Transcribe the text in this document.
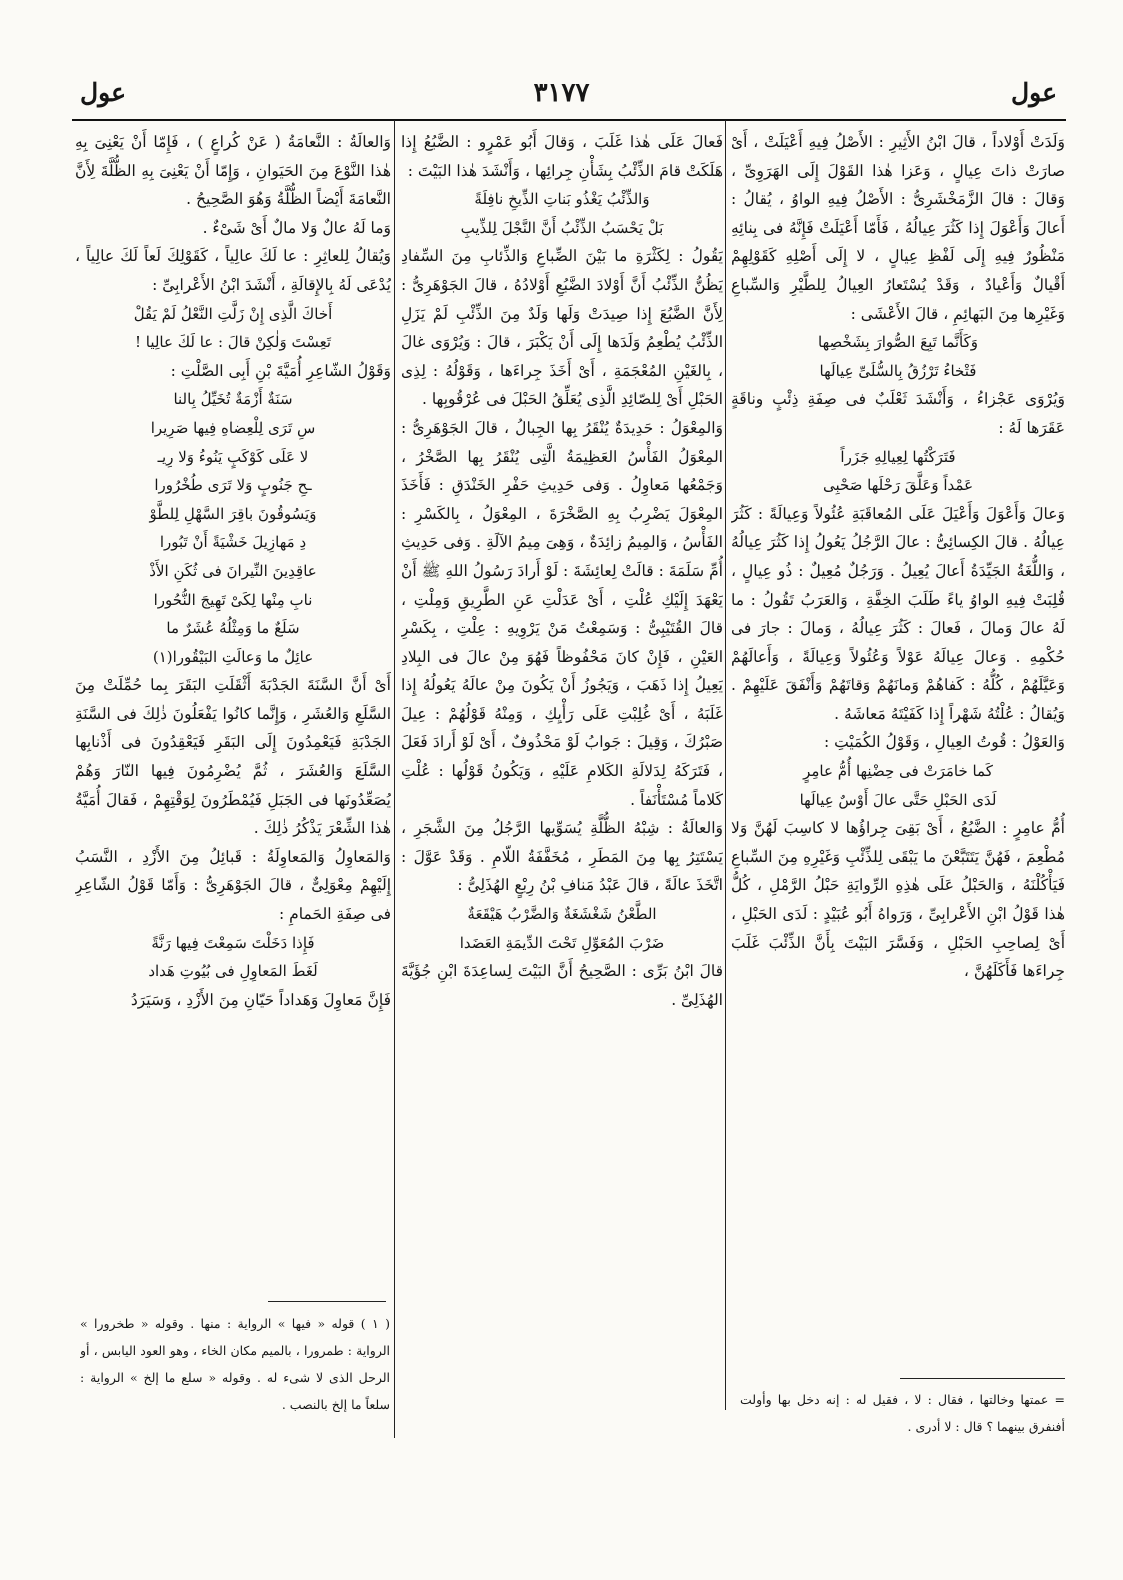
عول
٣١٧٧
عول

وَلَدَتْ أَوْلاداً ، قالَ ابْنُ الأَثِيرِ : الأَصْلُ فِيهِ أَعْيَلَتْ ، أَىْ صارَتْ ذاتَ عِيالٍ ، وَعَزا هٰذا القَوْلَ إِلَى الهَرَوِىِّ ، وَقالَ : قالَ الزَّمَخْشَرِىُّ : الأَصْلُ فِيهِ الواوُ ، يُقالُ : أَعالَ وَأَعْوَلَ إِذا كَثُرَ عِيالُهُ ، فَأَمّا أَعْيَلَتْ فَإِنَّهُ فى بِنائِهِ مَنْظُورٌ فِيهِ إِلَى لَفْظِ عِيالٍ ، لا إِلَى أَصْلِهِ كَقَوْلِهِمْ أَقْيالٌ وَأَعْيادٌ ، وَقَدْ يُسْتَعارُ العِيالُ لِلطَّيْرِ وَالسِّباعِ وَغَيْرِها مِنَ البَهائِمِ ، قالَ الأَعْشَى :

وَكَأَنَّما تَبِعَ الصُّوارَ بِشَخْصِها

فَتْخاءُ تَرْزُقُ بِالسُّلَىِّ عِيالَها

وَيُرْوَى عَجْزاءُ ، وَأَنْشَدَ ثَعْلَبٌ فى صِفَةِ ذِئْبٍ وناقَةٍ عَقَرَها لَهُ :

فَتَرَكْتُها لِعِيالِهِ جَزَراً

عَمْداً وَعَلَّقَ رَحْلَها صَحْبِى

وَعالَ وَأَعْوَلَ وَأَعْيَلَ عَلَى المُعاقَبَةِ عُئُولاً وَعِيالَةً : كَثُرَ عِيالُهُ . قالَ الكِسائِىُّ : عالَ الرَّجُلُ يَعُولُ إِذا كَثُرَ عِيالُهُ ، وَاللُّغَةُ الجَيِّدَةُ أَعالَ يُعِيلُ . وَرَجُلٌ مُعِيلٌ : ذُو عِيالٍ ، قُلِبَتْ فِيهِ الواوُ ياءً طَلَبَ الخِفَّةِ ، وَالعَرَبُ تَقُولُ : ما لَهُ عالَ وَمالَ ، فَعالَ : كَثُرَ عِيالُهُ ، وَمالَ : جارَ فى حُكْمِهِ . وَعالَ عِيالَهُ عَوْلاً وَعُئُولاً وَعِيالَةً ، وَأَعالَهُمْ وَعَيَّلَهُمْ ، كُلُّهُ : كَفاهُمْ وَمانَهُمْ وَقاتَهُمْ وَأَنْفَقَ عَلَيْهِمْ . وَيُقالُ : عُلْتُهُ شَهْراً إِذا كَفَيْتَهُ مَعاشَهُ .

وَالعَوْلُ : قُوتُ العِيالِ ، وَقَوْلُ الكُمَيْتِ :

كَما خامَرَتْ فى حِضْنِها أُمُّ عامِرٍ

لَدَى الحَبْلِ حَتَّى عالَ أَوْسٌ عِيالَها

أُمُّ عامِرٍ : الضَّبُعُ ، أَىْ بَقِىَ جِراؤُها لا كاسِبَ لَهُنَّ وَلا مُطْعِمَ ، فَهُنَّ يَتَتَبَّعْنَ ما يَبْقَى لِلذِّئْبِ وَغَيْرِهِ مِنَ السِّباعِ فَيَأْكُلْنَهُ ، وَالحَبْلُ عَلَى هٰذِهِ الرِّوايَةِ حَبْلُ الرَّمْلِ ، كُلُّ هٰذا قَوْلُ ابْنِ الأَعْرابِىِّ ، وَرَواهُ أَبُو عُبَيْدٍ : لَدَى الحَبْلِ ، أَىْ لِصاحِبِ الحَبْلِ ، وَفَسَّرَ البَيْتَ بِأَنَّ الذِّئْبَ غَلَبَ جِراءَها فَأَكَلَهُنَّ ،

فَعالَ عَلَى هٰذا غَلَبَ ، وَقالَ أَبُو عَمْرٍو : الضَّبُعُ إِذا هَلَكَتْ قامَ الذِّئْبُ بِشَأْنِ جِرائِها ، وَأَنْشَدَ هٰذا البَيْتَ :

وَالذِّئْبُ يَغْذُو بَناتِ الذِّيخِ نافِلَةً

بَلْ يَحْسَبُ الذِّئْبُ أَنَّ النَّجْلَ لِلذِّيبِ

يَقُولُ : لِكَثْرَةِ ما بَيْنَ الضِّباعِ وَالذِّئابِ مِنَ السِّفادِ يَظُنُّ الذِّئْبُ أَنَّ أَوْلادَ الضَّبُعِ أَوْلادُهُ ، قالَ الجَوْهَرِىُّ : لِأَنَّ الضَّبُعَ إِذا صِيدَتْ وَلَها وَلَدٌ مِنَ الذِّئْبِ لَمْ يَزَلِ الذِّئْبُ يُطْعِمُ وَلَدَها إِلَى أَنْ يَكْبَرَ ، قالَ : وَيُرْوَى غالَ ، بِالغَيْنِ المُعْجَمَةِ ، أَىْ أَخَذَ جِراءَها ، وَقَوْلُهُ : لِذِى الحَبْلِ أَىْ لِلصّائِدِ الَّذِى يُعَلِّقُ الحَبْلَ فى عُرْقُوبِها .

وَالمِعْوَلُ : حَدِيدَةٌ يُنْقَرُ بِها الجِبالُ ، قالَ الجَوْهَرِىُّ : المِعْوَلُ الفَأْسُ العَظِيمَةُ الَّتِى يُنْقَرُ بِها الصَّخْرُ ، وَجَمْعُها مَعاوِلُ . وَفى حَدِيثِ حَفْرِ الخَنْدَقِ : فَأَخَذَ المِعْوَلَ يَضْرِبُ بِهِ الصَّخْرَةَ ، المِعْوَلُ ، بِالكَسْرِ : الفَأْسُ ، وَالمِيمُ زائِدَةٌ ، وَهِىَ مِيمُ الآلَةِ . وَفى حَدِيثِ أُمِّ سَلَمَةَ : قالَتْ لِعائِشَةَ : لَوْ أَرادَ رَسُولُ اللهِ ﷺ أَنْ يَعْهَدَ إِلَيْكِ عُلْتِ ، أَىْ عَدَلْتِ عَنِ الطَّرِيقِ وَمِلْتِ ، قالَ القُتَيْبِىُّ : وَسَمِعْتُ مَنْ يَرْوِيهِ : عِلْتِ ، بِكَسْرِ العَيْنِ ، فَإِنْ كانَ مَحْفُوظاً فَهُوَ مِنْ عالَ فى البِلادِ يَعِيلُ إِذا ذَهَبَ ، وَيَجُوزُ أَنْ يَكُونَ مِنْ عالَهُ يَعُولُهُ إِذا غَلَبَهُ ، أَىْ غُلِبْتِ عَلَى رَأْيِكِ ، وَمِنْهُ قَوْلُهُمْ : عِيلَ صَبْرُكَ ، وَقِيلَ : جَوابُ لَوْ مَحْذُوفٌ ، أَىْ لَوْ أَرادَ فَعَلَ ، فَتَرَكَهُ لِدَلالَةِ الكَلامِ عَلَيْهِ ، وَيَكُونُ قَوْلُها : عُلْتِ كَلاماً مُسْتَأْنَفاً .

وَالعالَةُ : شِبْهُ الظُّلَّةِ يُسَوِّيها الرَّجُلُ مِنَ الشَّجَرِ ، يَسْتَتِرُ بِها مِنَ المَطَرِ ، مُخَفَّفَةُ اللّامِ . وَقَدْ عَوَّلَ : اتَّخَذَ عالَةً ، قالَ عَبْدُ مَنافِ بْنُ رِبْعٍ الهُذَلِىُّ :

الطَّعْنُ شَغْشَغَةٌ وَالضَّرْبُ هَيْقَعَةٌ

ضَرْبَ المُعَوِّلِ تَحْتَ الدِّيمَةِ العَضَدا

قالَ ابْنُ بَرِّى : الصَّحِيحُ أَنَّ البَيْتَ لِساعِدَةَ ابْنِ جُؤَيَّةَ الهُذَلِىِّ .

وَالعالَةُ : النَّعامَةُ ( عَنْ كُراعٍ ) ، فَإِمّا أَنْ يَعْنِىَ بِهِ هٰذا النَّوْعَ مِنَ الحَيَوانِ ، وَإِمّا أَنْ يَعْنِىَ بِهِ الظُّلَّةَ لِأَنَّ النَّعامَةَ أَيْضاً الظُّلَّةُ وَهُوَ الصَّحِيحُ .

وَما لَهُ عالٌ وَلا مالٌ أَىْ شَىْءٌ .

وَيُقالُ لِلعاثِرِ : عا لَكَ عالِياً ، كَقَوْلِكَ لَعاً لَكَ عالِياً ، يُدْعَى لَهُ بِالإِقالَةِ ، أَنْشَدَ ابْنُ الأَعْرابِىِّ :

أَخاكَ الَّذِى إِنْ زَلَّتِ النَّعْلُ لَمْ يَقُلْ

تَعِسْتَ وَلٰكِنْ قالَ : عا لَكَ عالِيا !

وَقَوْلُ الشّاعِرِ أُمَيَّةَ بْنِ أَبِى الصَّلْتِ :

سَنَةٌ أَزْمَةٌ تُخَيِّلُ بِالنا

سِ تَرَى لِلْعِضاهِ فِيها صَرِيرا

لا عَلَى كَوْكَبٍ يَنُوءُ وَلا رِيـ

ـحِ جَنُوبٍ وَلا تَرَى طُخْرُورا

وَيَسُوقُونَ باقِرَ السَّهْلِ لِلطَّوْ

دِ مَهازِيلَ خَشْيَةً أَنْ تَبُورا

عاقِدِينَ النِّيرانَ فى ثُكَنِ الأَذْ

نابِ مِنْها لِكَىْ تَهِيجَ النُّحُورا

سَلَعٌ ما وَمِثْلُهُ عُشَرٌ ما

عائِلٌ ما وَعالَتِ البَيْقُورا(١)

أَىْ أَنَّ السَّنَةَ الجَدْبَةَ أَثْقَلَتِ البَقَرَ بِما حُمِّلَتْ مِنَ السَّلَعِ وَالعُشَرِ ، وَإِنَّما كانُوا يَفْعَلُونَ ذٰلِكَ فى السَّنَةِ الجَدْبَةِ فَيَعْمِدُونَ إِلَى البَقَرِ فَيَعْقِدُونَ فى أَذْنابِها السَّلَعَ وَالعُشَرَ ، ثُمَّ يُضْرِمُونَ فِيها النّارَ وَهُمْ يُصَعِّدُونَها فى الجَبَلِ فَيُمْطَرُونَ لِوَقْتِهِمْ ، فَقالَ أُمَيَّةُ هٰذا الشِّعْرَ يَذْكُرُ ذٰلِكَ .

وَالمَعاوِلُ وَالمَعاوِلَةُ : قَبائِلُ مِنَ الأَزْدِ ، النَّسَبُ إِلَيْهِمْ مِعْوَلِىٌّ ، قالَ الجَوْهَرِىُّ : وَأَمّا قَوْلُ الشّاعِرِ فى صِفَةِ الحَمامِ :

فَإِذا دَخَلْتَ سَمِعْتَ فِيها رَنَّةً

لَغَطَ المَعاوِلِ فى بُيُوتِ هَداد

فَإِنَّ مَعاوِلَ وَهَداداً حَيّانِ مِنَ الأَزْدِ ، وَسَيَرَدُ

( ١ ) قوله « فيها » الرواية : منها . وقوله « طخرورا » الرواية : طمرورا ، بالميم مكان الخاء ، وهو العود اليابس ، أو الرحل الذى لا شىء له . وقوله « سلع ما إلخ » الرواية : سلعاً ما إلخ بالنصب .	= عمتها وخالتها ، فقال : لا ، فقيل له : إنه دخل بها وأولت أفنفرق بينهما ؟ قال : لا أدرى .
